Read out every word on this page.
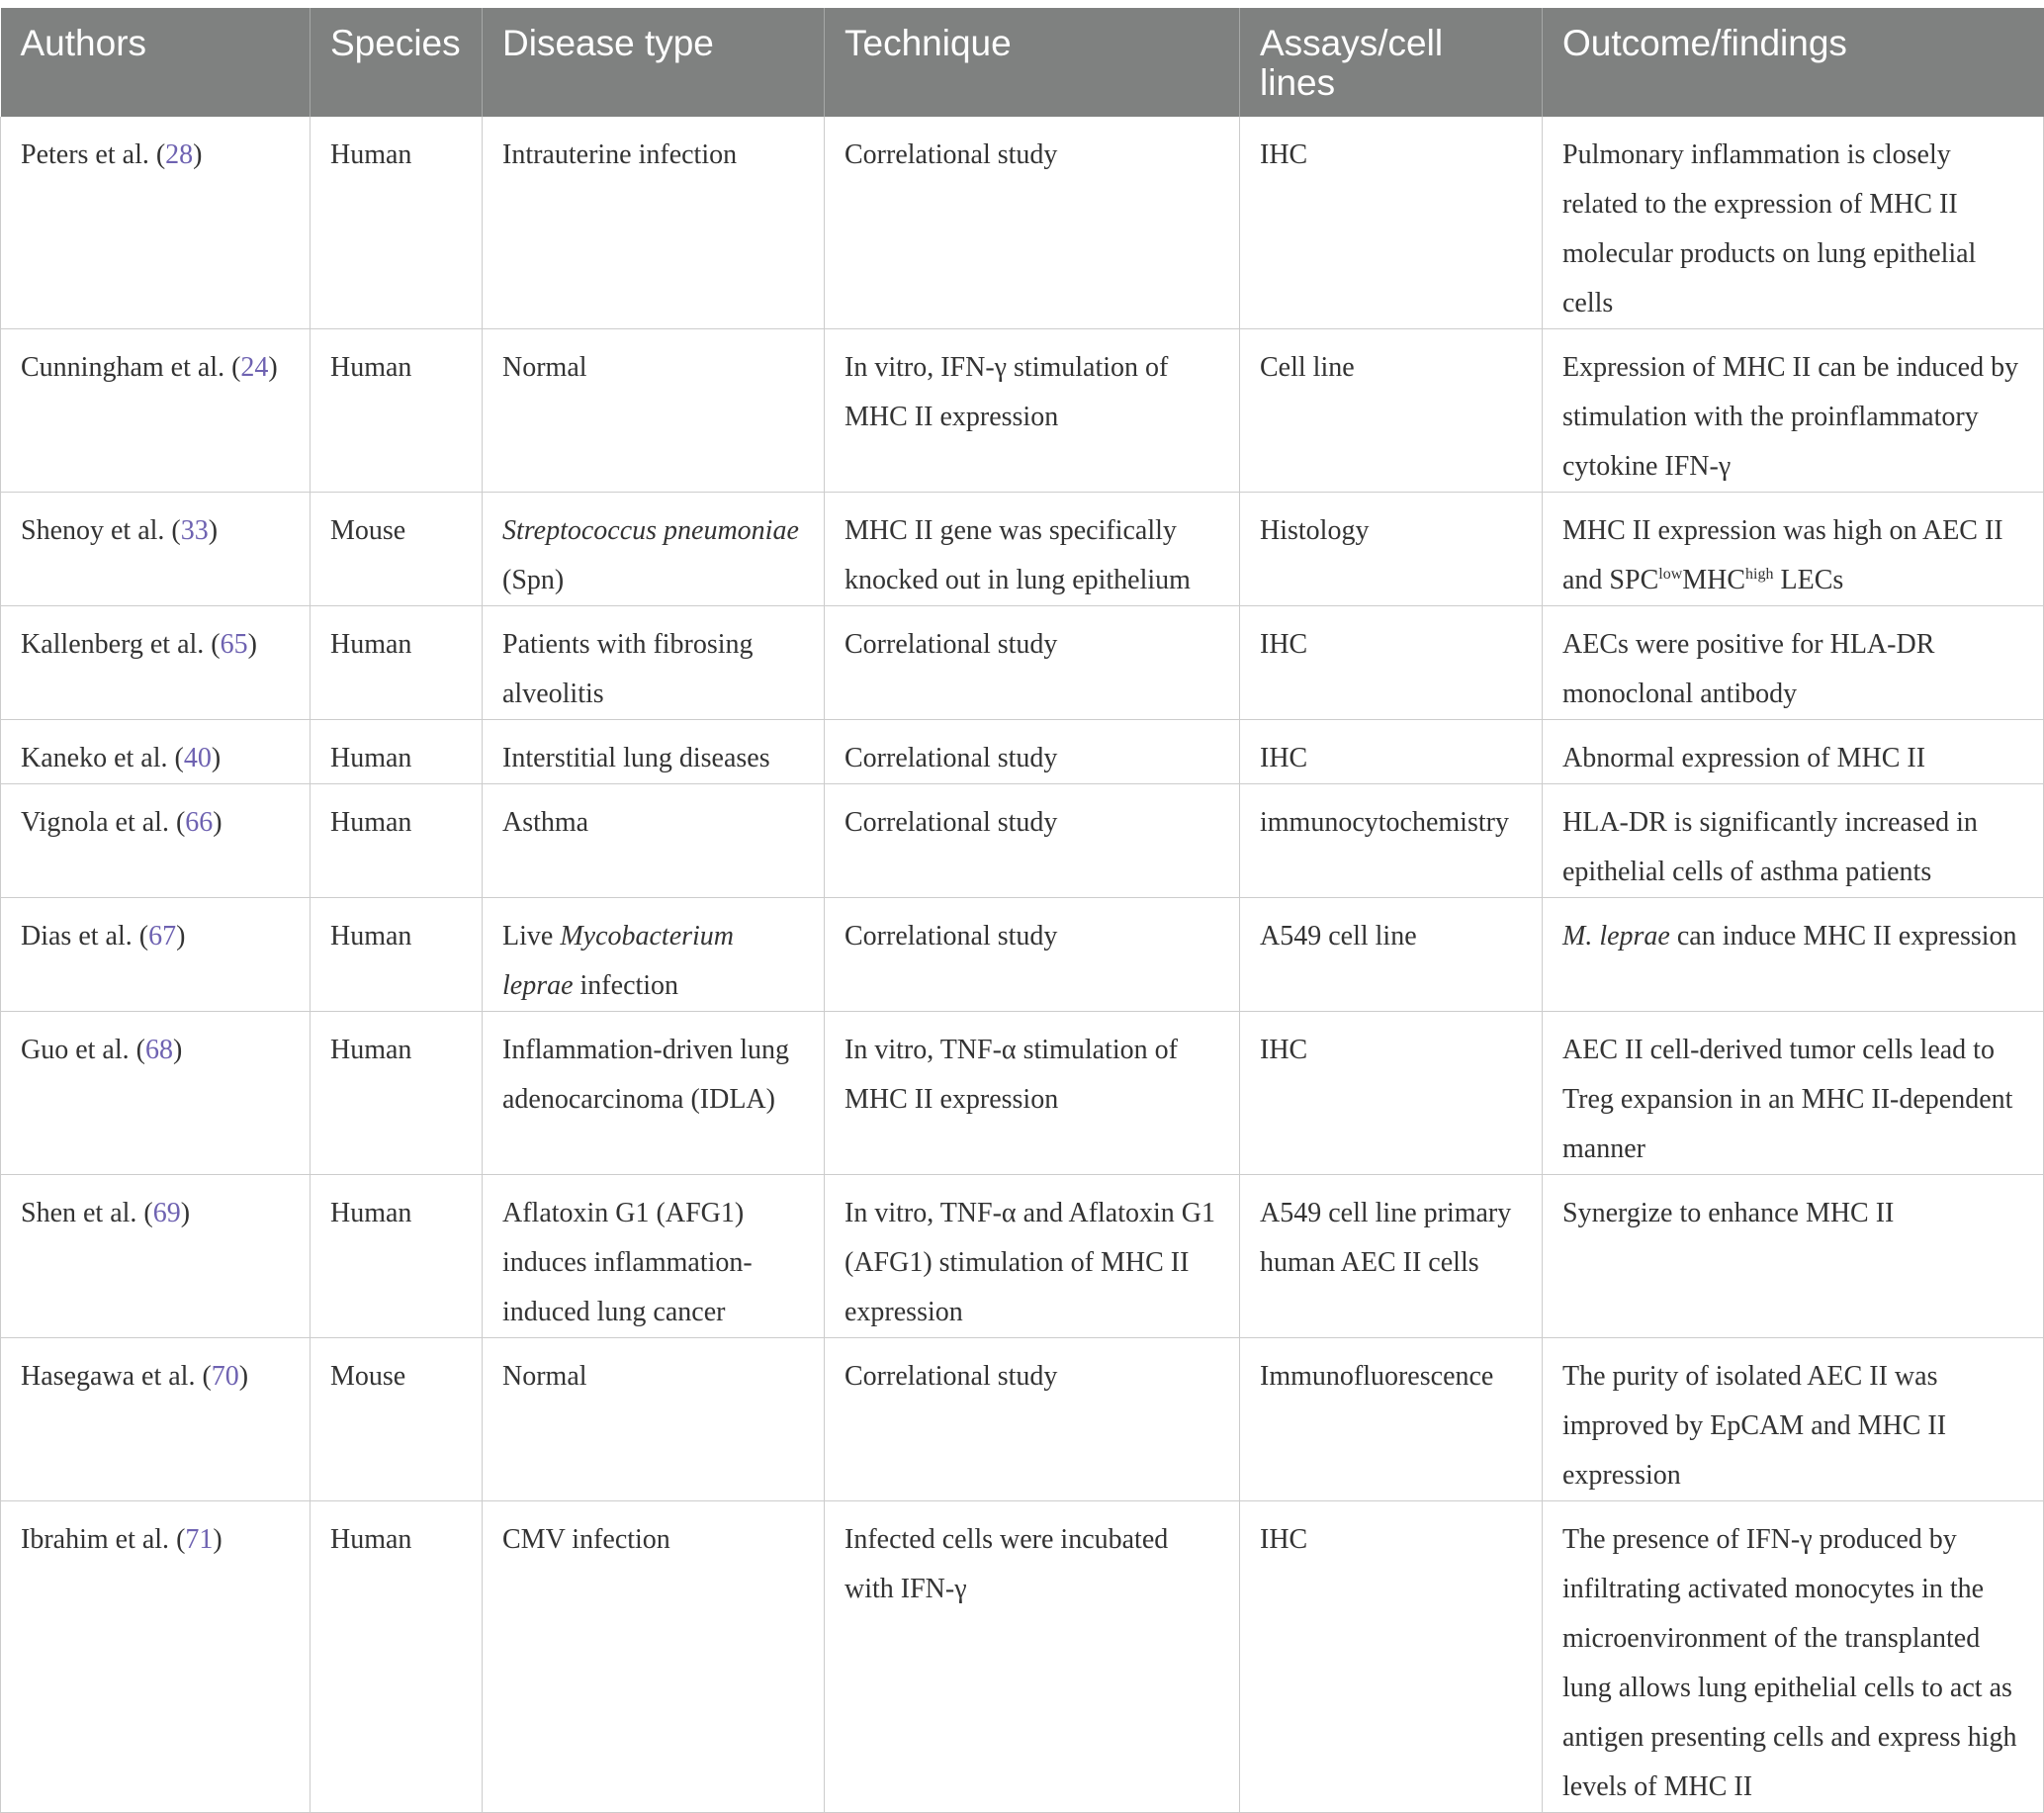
Authors	Species	Disease type	Technique	Assays/cell lines	Outcome/findings
Peters et al. (28)	Human	Intrauterine infection	Correlational study	IHC	Pulmonary inflammation is closely related to the expression of MHC II molecular products on lung epithelial cells
Cunningham et al. (24)	Human	Normal	In vitro, IFN-γ stimulation of MHC II expression	Cell line	Expression of MHC II can be induced by stimulation with the proinflammatory cytokine IFN-γ
Shenoy et al. (33)	Mouse	Streptococcus pneumoniae (Spn)	MHC II gene was specifically knocked out in lung epithelium	Histology	MHC II expression was high on AEC II and $SPC^{low}MHC^{high}$ LECs
Kallenberg et al. (65)	Human	Patients with fibrosing alveolitis	Correlational study	IHC	AECs were positive for HLA-DR monoclonal antibody
Kaneko et al. (40)	Human	Interstitial lung diseases	Correlational study	IHC	Abnormal expression of MHC II
Vignola et al. (66)	Human	Asthma	Correlational study	immunocytochemistry	HLA-DR is significantly increased in epithelial cells of asthma patients
Dias et al. (67)	Human	Live Mycobacterium leprae infection	Correlational study	A549 cell line	M. leprae can induce MHC II expression
Guo et al. (68)	Human	Inflammation-driven lung adenocarcinoma (IDLA)	In vitro, TNF-α stimulation of MHC II expression	IHC	AEC II cell-derived tumor cells lead to Treg expansion in an MHC II-dependent manner
Shen et al. (69)	Human	Aflatoxin G1 (AFG1) induces inflammation-induced lung cancer	In vitro, TNF-α and Aflatoxin G1 (AFG1) stimulation of MHC II expression	A549 cell line primary human AEC II cells	Synergize to enhance MHC II
Hasegawa et al. (70)	Mouse	Normal	Correlational study	Immunofluorescence	The purity of isolated AEC II was improved by EpCAM and MHC II expression
Ibrahim et al. (71)	Human	CMV infection	Infected cells were incubated with IFN-γ	IHC	The presence of IFN-γ produced by infiltrating activated monocytes in the microenvironment of the transplanted lung allows lung epithelial cells to act as antigen presenting cells and express high levels of MHC II
